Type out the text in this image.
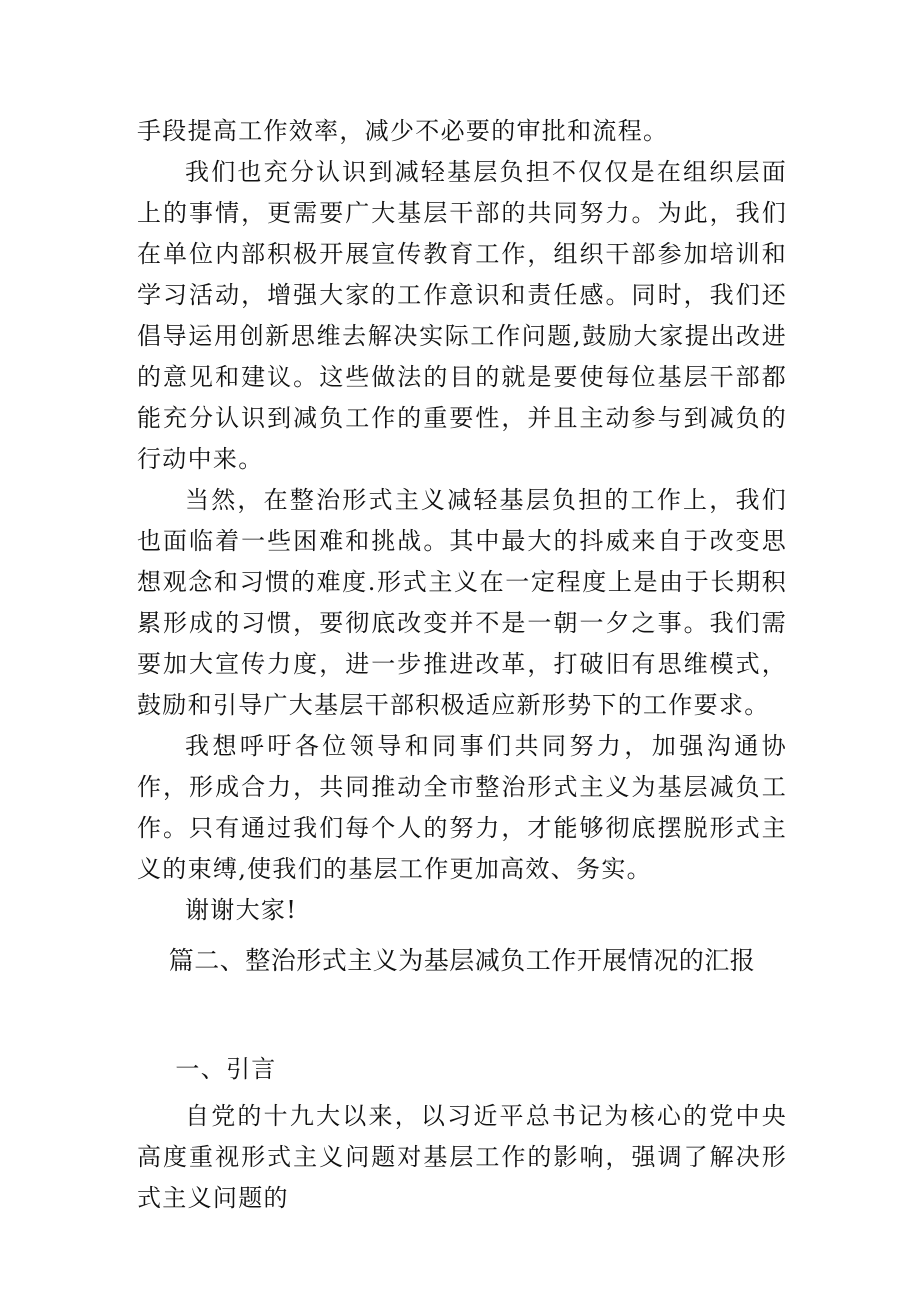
手段提高工作效率，减少不必要的审批和流程。

我们也充分认识到减轻基层负担不仅仅是在组织层面上的事情，更需要广大基层干部的共同努力。为此，我们在单位内部积极开展宣传教育工作，组织干部参加培训和学习活动，增强大家的工作意识和责任感。同时，我们还倡导运用创新思维去解决实际工作问题,鼓励大家提出改进的意见和建议。这些做法的目的就是要使每位基层干部都能充分认识到减负工作的重要性，并且主动参与到减负的行动中来。

当然，在整治形式主义减轻基层负担的工作上，我们也面临着一些困难和挑战。其中最大的抖威来自于改变思想观念和习惯的难度.形式主义在一定程度上是由于长期积累形成的习惯，要彻底改变并不是一朝一夕之事。我们需要加大宣传力度，进一步推进改革，打破旧有思维模式，鼓励和引导广大基层干部积极适应新形势下的工作要求。

我想呼吁各位领导和同事们共同努力，加强沟通协作，形成合力，共同推动全市整治形式主义为基层减负工作。只有通过我们每个人的努力，才能够彻底摆脱形式主义的束缚,使我们的基层工作更加高效、务实。

谢谢大家!

篇二、整治形式主义为基层减负工作开展情况的汇报

一、引言

自党的十九大以来，以习近平总书记为核心的党中央高度重视形式主义问题对基层工作的影响，强调了解决形式主义问题的
